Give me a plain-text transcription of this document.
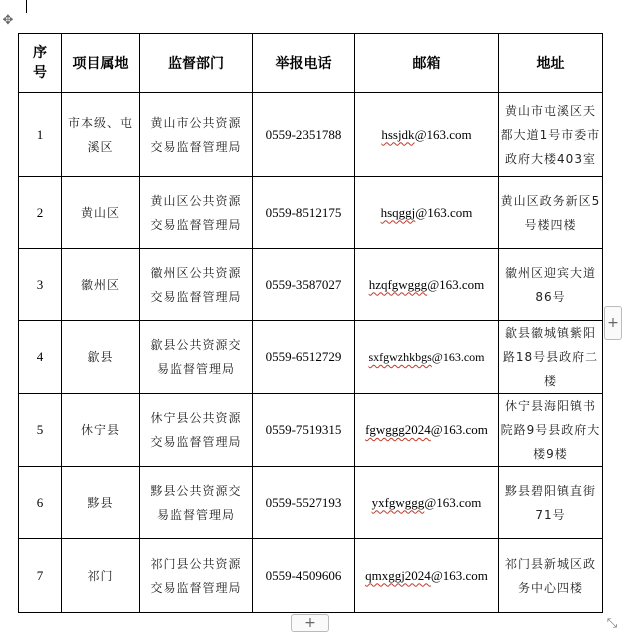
✥
序号	项目属地	监督部门	举报电话	邮箱	地址
1	市本级、屯溪区	黄山市公共资源交易监督管理局	0559-2351788	hssjdk@163.com	黄山市屯溪区天都大道1号市委市政府大楼403室
2	黄山区	黄山区公共资源交易监督管理局	0559-8512175	hsqggj@163.com	黄山区政务新区5号楼四楼
3	徽州区	徽州区公共资源交易监督管理局	0559-3587027	hzqfgwggg@163.com	徽州区迎宾大道86号
4	歙县	歙县公共资源交易监督管理局	0559-6512729	sxfgwzhkbgs@163.com	歙县徽城镇紫阳路18号县政府二楼
5	休宁县	休宁县公共资源交易监督管理局	0559-7519315	fgwggg2024@163.com	休宁县海阳镇书院路9号县政府大楼9楼
6	黟县	黟县公共资源交易监督管理局	0559-5527193	yxfgwggg@163.com	黟县碧阳镇直街71号
7	祁门	祁门县公共资源交易监督管理局	0559-4509606	qmxggj2024@163.com	祁门县新城区政务中心四楼
+
+	⤡
